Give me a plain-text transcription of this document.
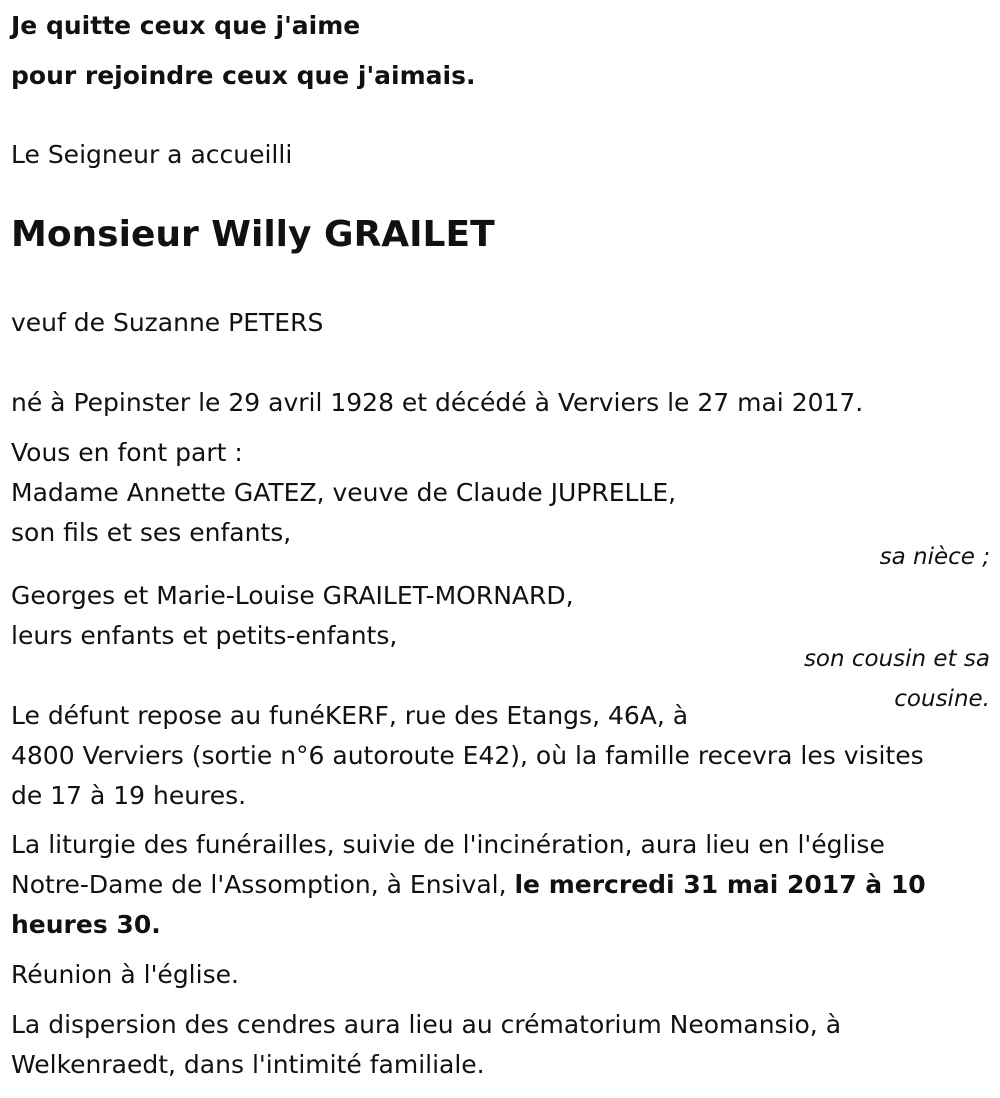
Je quitte ceux que j'aime
pour rejoindre ceux que j'aimais.
Le Seigneur a accueilli
Monsieur Willy GRAILET
veuf de Suzanne PETERS
né à Pepinster le 29 avril 1928 et décédé à Verviers le 27 mai 2017.
Vous en font part :
Madame Annette GATEZ, veuve de Claude JUPRELLE,
son fils et ses enfants,
sa nièce ;
Georges et Marie-Louise GRAILET-MORNARD,
leurs enfants et petits-enfants,
son cousin et sa
cousine.
Le défunt repose au funéKERF, rue des Etangs, 46A, à
4800 Verviers (sortie n°6 autoroute E42), où la famille recevra les visites
de 17 à 19 heures.
La liturgie des funérailles, suivie de l'incinération, aura lieu en l'église
Notre-Dame de l'Assomption, à Ensival, le mercredi 31 mai 2017 à 10
heures 30.
Réunion à l'église.
La dispersion des cendres aura lieu au crématorium Neomansio, à
Welkenraedt, dans l'intimité familiale.
